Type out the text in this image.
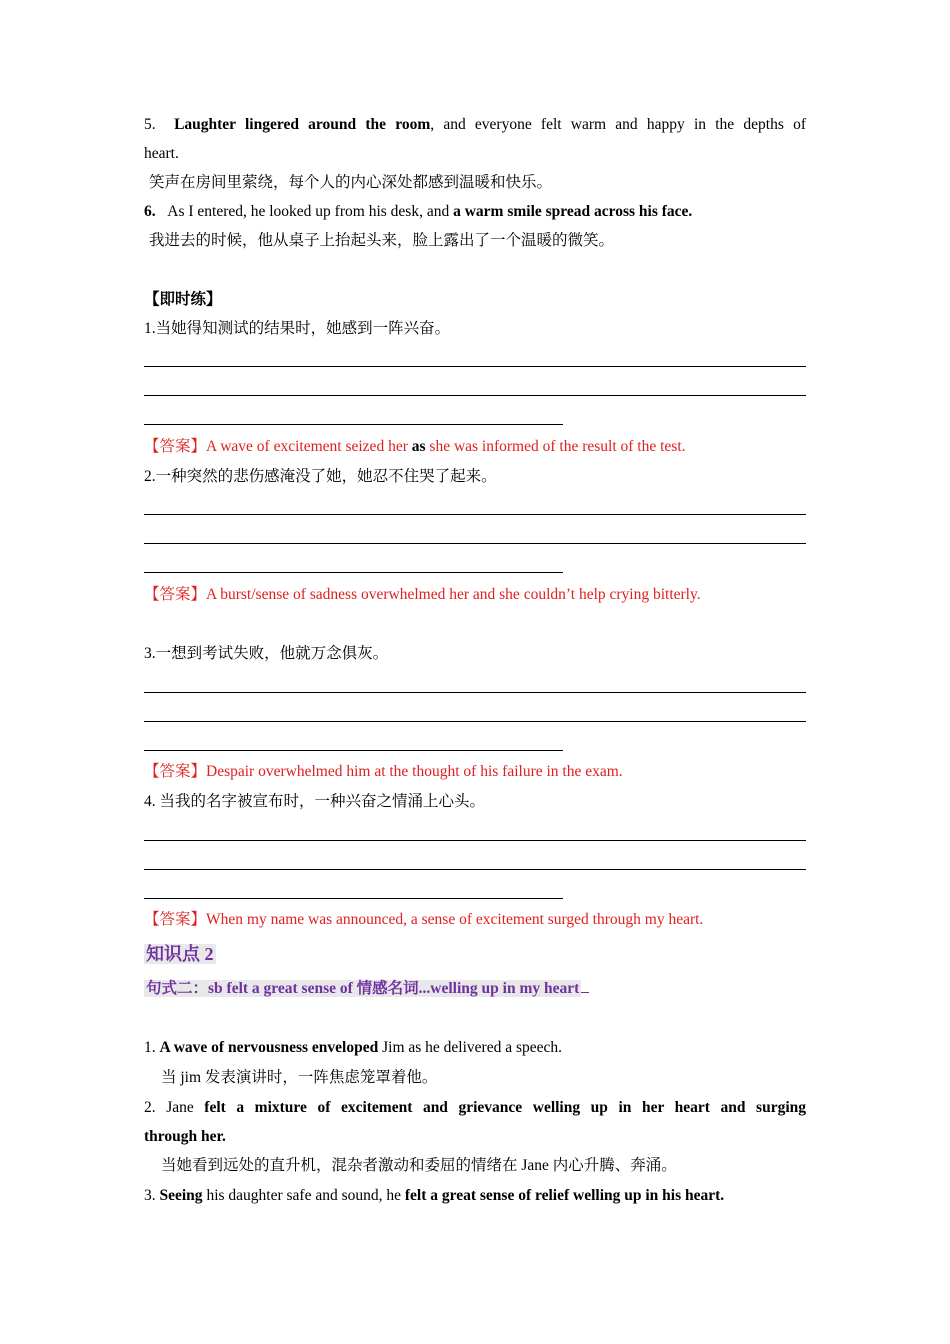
5. Laughter lingered around the room, and everyone felt warm and happy in the depths of
heart.
笑声在房间里萦绕，每个人的内心深处都感到温暖和快乐。
6. As I entered, he looked up from his desk, and a warm smile spread across his face.
我进去的时候，他从桌子上抬起头来，脸上露出了一个温暖的微笑。
【即时练】
1.当她得知测试的结果时，她感到一阵兴奋。
【答案】A wave of excitement seized her as she was informed of the result of the test.
2.一种突然的悲伤感淹没了她，她忍不住哭了起来。
【答案】A burst/sense of sadness overwhelmed her and she couldn’t help crying bitterly.
3.一想到考试失败，他就万念俱灰。
【答案】Despair overwhelmed him at the thought of his failure in the exam.
4. 当我的名字被宣布时，一种兴奋之情涌上心头。
【答案】When my name was announced, a sense of excitement surged through my heart.
知识点 2
句式二：sb felt a great sense of 情感名词...welling up in my heart
1. A wave of nervousness enveloped Jim as he delivered a speech.
当 jim 发表演讲时，一阵焦虑笼罩着他。
2. Jane felt a mixture of excitement and grievance welling up in her heart and surging
through her.
当她看到远处的直升机，混杂者激动和委屈的情绪在 Jane 内心升腾、奔涌。
3. Seeing his daughter safe and sound, he felt a great sense of relief welling up in his heart.
